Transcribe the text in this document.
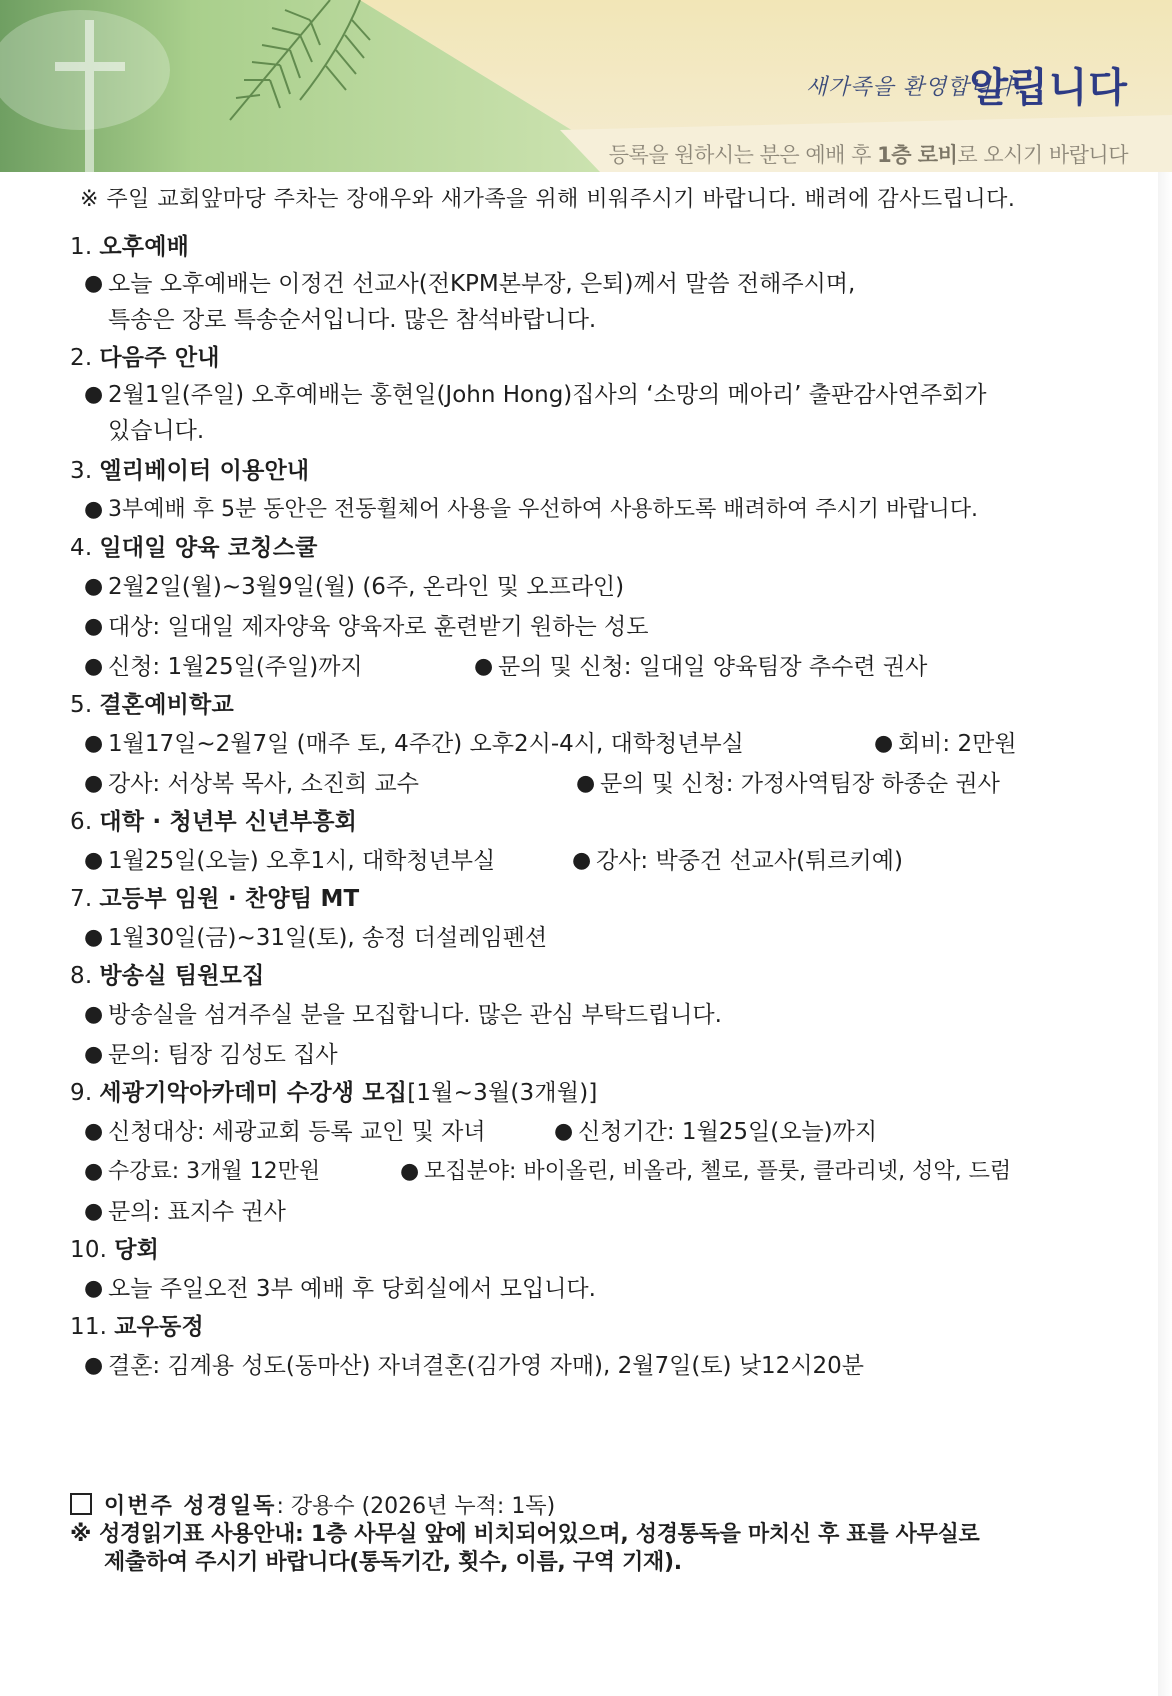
새가족을 환영합니다.
알립니다
등록을 원하시는 분은 예배 후 1층 로비로 오시기 바랍니다
※ 주일 교회앞마당 주차는 장애우와 새가족을 위해 비워주시기 바랍니다. 배려에 감사드립니다.
1. 오후예배
● 오늘 오후예배는 이정건 선교사(전KPM본부장, 은퇴)께서 말씀 전해주시며,
특송은 장로 특송순서입니다. 많은 참석바랍니다.
2. 다음주 안내
● 2월1일(주일) 오후예배는 홍현일(John Hong)집사의 ‘소망의 메아리’ 출판감사연주회가
있습니다.
3. 엘리베이터 이용안내
● 3부예배 후 5분 동안은 전동휠체어 사용을 우선하여 사용하도록 배려하여 주시기 바랍니다.
4. 일대일 양육 코칭스쿨
● 2월2일(월)~3월9일(월) (6주, 온라인 및 오프라인)
● 대상: 일대일 제자양육 양육자로 훈련받기 원하는 성도
● 신청: 1월25일(주일)까지	● 문의 및 신청: 일대일 양육팀장 추수련 권사
5. 결혼예비학교
● 1월17일~2월7일 (매주 토, 4주간) 오후2시-4시, 대학청년부실	● 회비: 2만원
● 강사: 서상복 목사, 소진희 교수	● 문의 및 신청: 가정사역팀장 하종순 권사
6. 대학 · 청년부 신년부흥회
● 1월25일(오늘) 오후1시, 대학청년부실	● 강사: 박중건 선교사(튀르키예)
7. 고등부 임원 · 찬양팀 MT
● 1월30일(금)~31일(토), 송정 더설레임펜션
8. 방송실 팀원모집
● 방송실을 섬겨주실 분을 모집합니다. 많은 관심 부탁드립니다.
● 문의: 팀장 김성도 집사
9. 세광기악아카데미 수강생 모집[1월~3월(3개월)]
● 신청대상: 세광교회 등록 교인 및 자녀	● 신청기간: 1월25일(오늘)까지
● 수강료: 3개월 12만원	● 모집분야: 바이올린, 비올라, 첼로, 플룻, 클라리넷, 성악, 드럼
● 문의: 표지수 권사
10. 당회
● 오늘 주일오전 3부 예배 후 당회실에서 모입니다.
11. 교우동정
● 결혼: 김계용 성도(동마산) 자녀결혼(김가영 자매), 2월7일(토) 낮12시20분
이번주 성경일독: 강용수 (2026년 누적: 1독)
※ 성경읽기표 사용안내: 1층 사무실 앞에 비치되어있으며, 성경통독을 마치신 후 표를 사무실로
제출하여 주시기 바랍니다(통독기간, 횟수, 이름, 구역 기재).
